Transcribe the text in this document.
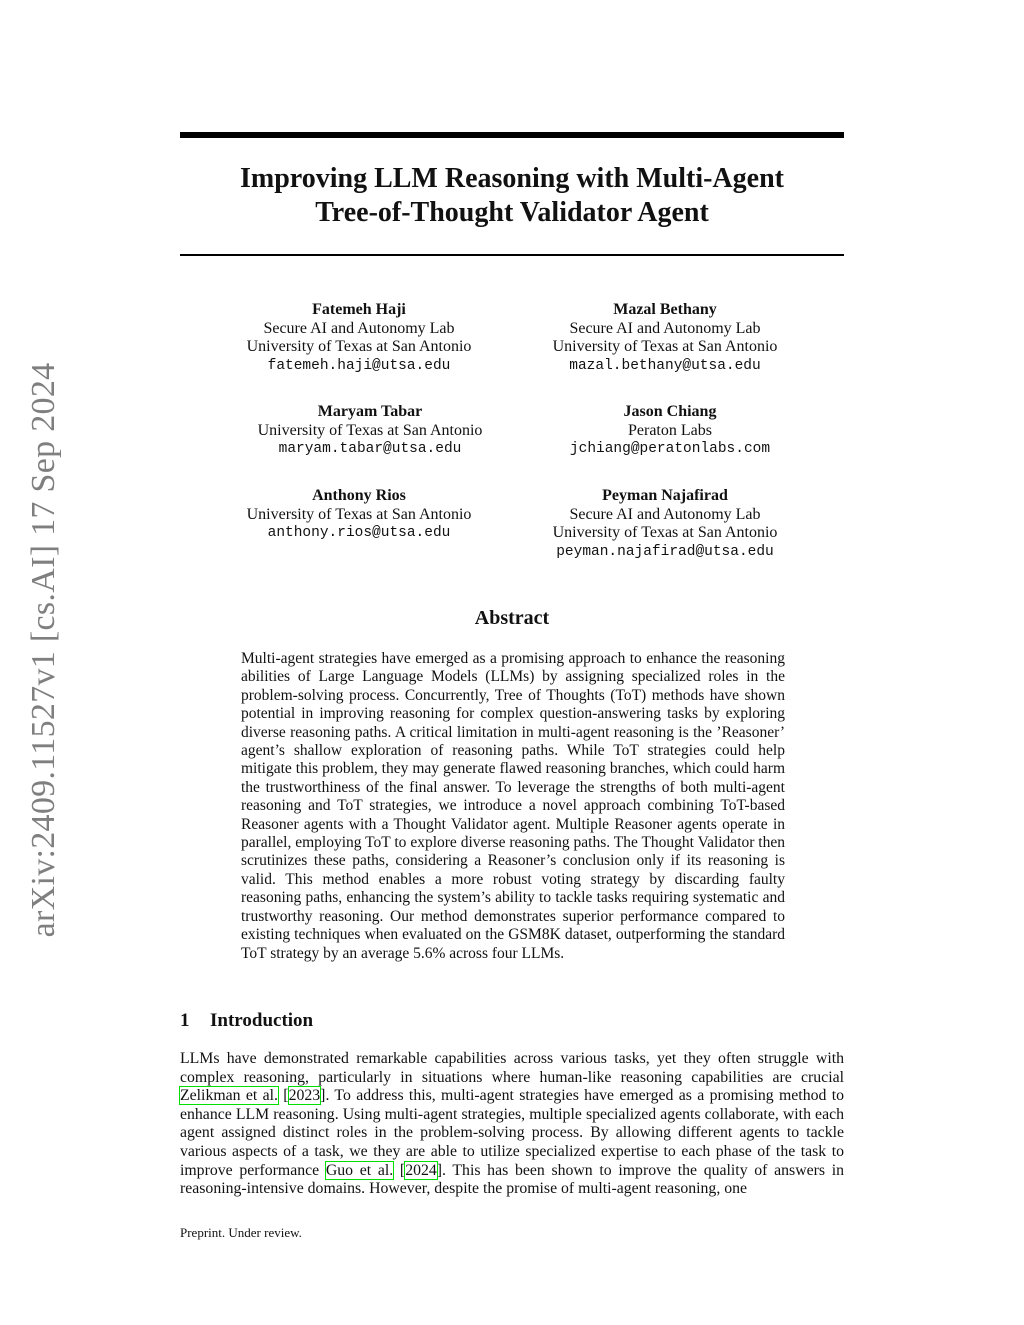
arXiv:2409.11527v1 [cs.AI] 17 Sep 2024
Improving LLM Reasoning with Multi-Agent
Tree-of-Thought Validator Agent
Fatemeh Haji
Secure AI and Autonomy Lab
University of Texas at San Antonio
fatemeh.haji@utsa.edu
Mazal Bethany
Secure AI and Autonomy Lab
University of Texas at San Antonio
mazal.bethany@utsa.edu
Maryam Tabar
University of Texas at San Antonio
maryam.tabar@utsa.edu
Jason Chiang
Peraton Labs
jchiang@peratonlabs.com
Anthony Rios
University of Texas at San Antonio
anthony.rios@utsa.edu
Peyman Najafirad
Secure AI and Autonomy Lab
University of Texas at San Antonio
peyman.najafirad@utsa.edu
Abstract
Multi-agent strategies have emerged as a promising approach to enhance the reasoning abilities of Large Language Models (LLMs) by assigning specialized roles in the problem-solving process. Concurrently, Tree of Thoughts (ToT) methods have shown potential in improving reasoning for complex question-answering tasks by exploring diverse reasoning paths. A critical limitation in multi-agent reasoning is the ’Reasoner’ agent’s shallow exploration of reasoning paths. While ToT strategies could help mitigate this problem, they may generate flawed reasoning branches, which could harm the trustworthiness of the final answer. To leverage the strengths of both multi-agent reasoning and ToT strategies, we introduce a novel approach combining ToT-based Reasoner agents with a Thought Validator agent. Multiple Reasoner agents operate in parallel, employing ToT to explore diverse reasoning paths. The Thought Validator then scrutinizes these paths, considering a Reasoner’s conclusion only if its reasoning is valid. This method enables a more robust voting strategy by discarding faulty reasoning paths, enhancing the system’s ability to tackle tasks requiring systematic and trustworthy reasoning. Our method demonstrates superior performance compared to existing techniques when evaluated on the GSM8K dataset, outperforming the standard ToT strategy by an average 5.6% across four LLMs.
1 Introduction
LLMs have demonstrated remarkable capabilities across various tasks, yet they often struggle with complex reasoning, particularly in situations where human-like reasoning capabilities are crucial Zelikman et al. [2023]. To address this, multi-agent strategies have emerged as a promising method to enhance LLM reasoning. Using multi-agent strategies, multiple specialized agents collaborate, with each agent assigned distinct roles in the problem-solving process. By allowing different agents to tackle various aspects of a task, we they are able to utilize specialized expertise to each phase of the task to improve performance Guo et al. [2024]. This has been shown to improve the quality of answers in reasoning-intensive domains. However, despite the promise of multi-agent reasoning, one
Preprint. Under review.
